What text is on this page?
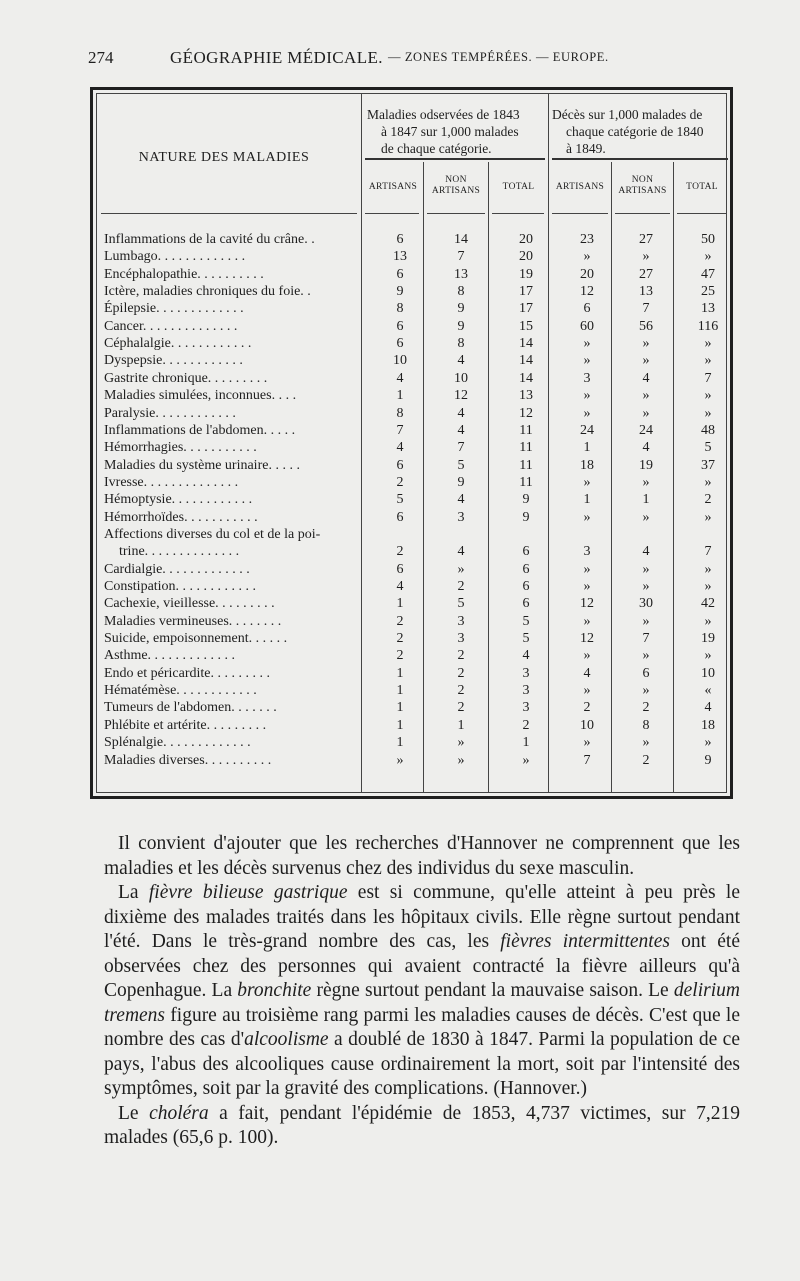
274	GÉOGRAPHIE MÉDICALE. — ZONES TEMPÉRÉES. — EUROPE.
NATURE DES MALADIES
Maladies odservées de 1843
à 1847 sur 1,000 malades
de chaque catégorie.
Décès sur 1,000 malades de
chaque catégorie de 1840
à 1849.
ARTISANS
NON
ARTISANS	TOTAL	ARTISANS
NON
ARTISANS	TOTAL
Inflammations de la cavité du crâne. .	6	14	20	23	27	50
Lumbago. . . . . . . . . . . . .	13	7	20	»	»	»
Encéphalopathie. . . . . . . . . .	6	13	19	20	27	47
Ictère, maladies chroniques du foie. .	9	8	17	12	13	25
Épilepsie. . . . . . . . . . . . .	8	9	17	6	7	13
Cancer. . . . . . . . . . . . . .	6	9	15	60	56	116
Céphalalgie. . . . . . . . . . . .	6	8	14	»	»	»
Dyspepsie. . . . . . . . . . . .	10	4	14	»	»	»
Gastrite chronique. . . . . . . . .	4	10	14	3	4	7
Maladies simulées, inconnues. . . .	1	12	13	»	»	»
Paralysie. . . . . . . . . . . .	8	4	12	»	»	»
Inflammations de l'abdomen. . . . .	7	4	11	24	24	48
Hémorrhagies. . . . . . . . . . .	4	7	11	1	4	5
Maladies du système urinaire. . . . .	6	5	11	18	19	37
Ivresse. . . . . . . . . . . . . .	2	9	11	»	»	»
Hémoptysie. . . . . . . . . . . .	5	4	9	1	1	2
Hémorrhoïdes. . . . . . . . . . .	6	3	9	»	»	»
Affections diverses du col et de la poi-
trine. . . . . . . . . . . . . .	2	4	6	3	4	7
Cardialgie. . . . . . . . . . . . .	6	»	6	»	»	»
Constipation. . . . . . . . . . . .	4	2	6	»	»	»
Cachexie, vieillesse. . . . . . . . .	1	5	6	12	30	42
Maladies vermineuses. . . . . . . .	2	3	5	»	»	»
Suicide, empoisonnement. . . . . .	2	3	5	12	7	19
Asthme. . . . . . . . . . . . .	2	2	4	»	»	»
Endo et péricardite. . . . . . . . .	1	2	3	4	6	10
Hématémèse. . . . . . . . . . . .	1	2	3	»	»	«
Tumeurs de l'abdomen. . . . . . .	1	2	3	2	2	4
Phlébite et artérite. . . . . . . . .	1	1	2	10	8	18
Splénalgie. . . . . . . . . . . . .	1	»	1	»	»	»
Maladies diverses. . . . . . . . . .	»	»	»	7	2	9

Il convient d'ajouter que les recherches d'Hannover ne comprennent que les maladies et les décès survenus chez des individus du sexe masculin.

La fièvre bilieuse gastrique est si commune, qu'elle atteint à peu près le dixième des malades traités dans les hôpitaux civils. Elle règne surtout pendant l'été. Dans le très-grand nombre des cas, les fièvres intermittentes ont été observées chez des personnes qui avaient contracté la fièvre ailleurs qu'à Copenhague. La bronchite règne surtout pendant la mauvaise saison. Le delirium tremens figure au troisième rang parmi les maladies causes de décès. C'est que le nombre des cas d'alcoolisme a doublé de 1830 à 1847. Parmi la population de ce pays, l'abus des alcooliques cause ordinairement la mort, soit par l'intensité des symptômes, soit par la gravité des complications. (Hannover.)

Le choléra a fait, pendant l'épidémie de 1853, 4,737 victimes, sur 7,219 malades (65,6 p. 100).
